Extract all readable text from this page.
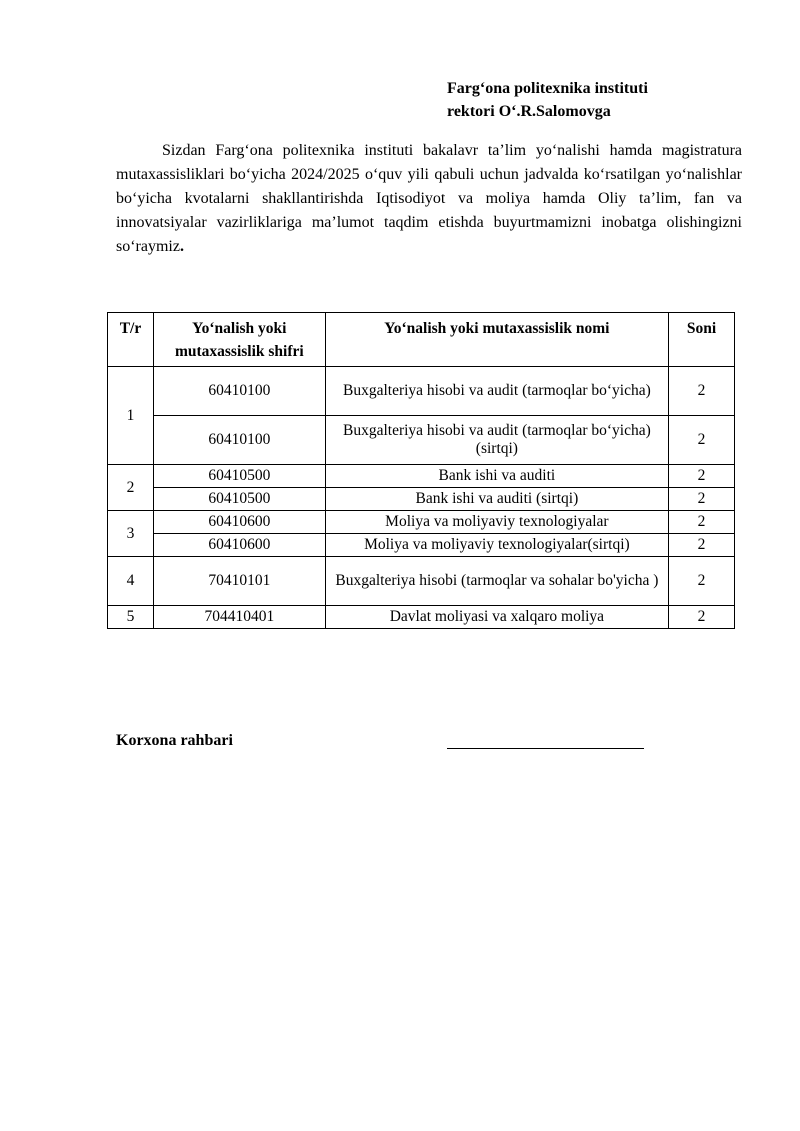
Farg‘ona politexnika instituti
rektori O‘.R.Salomovga
Sizdan Farg‘ona politexnika instituti bakalavr ta’lim yo‘nalishi hamda magistratura mutaxassisliklari bo‘yicha 2024/2025 o‘quv yili qabuli uchun jadvalda ko‘rsatilgan yo‘nalishlar bo‘yicha kvotalarni shakllantirishda Iqtisodiyot va moliya hamda Oliy ta’lim, fan va innovatsiyalar vazirliklariga ma’lumot taqdim etishda buyurtmamizni inobatga olishingizni so‘raymiz.
T/r	Yo‘nalish yoki mutaxassislik shifri	Yo‘nalish yoki mutaxassislik nomi	Soni
1	60410100	Buxgalteriya hisobi va audit (tarmoqlar bo‘yicha)	2
	60410100	Buxgalteriya hisobi va audit (tarmoqlar bo‘yicha) (sirtqi)	2
2	60410500	Bank ishi va auditi	2
	60410500	Bank ishi va auditi (sirtqi)	2
3	60410600	Moliya va moliyaviy texnologiyalar	2
	60410600	Moliya va moliyaviy texnologiyalar(sirtqi)	2
4	70410101	Buxgalteriya hisobi (tarmoqlar va sohalar bo'yicha )	2
5	704410401	Davlat moliyasi va xalqaro moliya	2
Korxona rahbari
